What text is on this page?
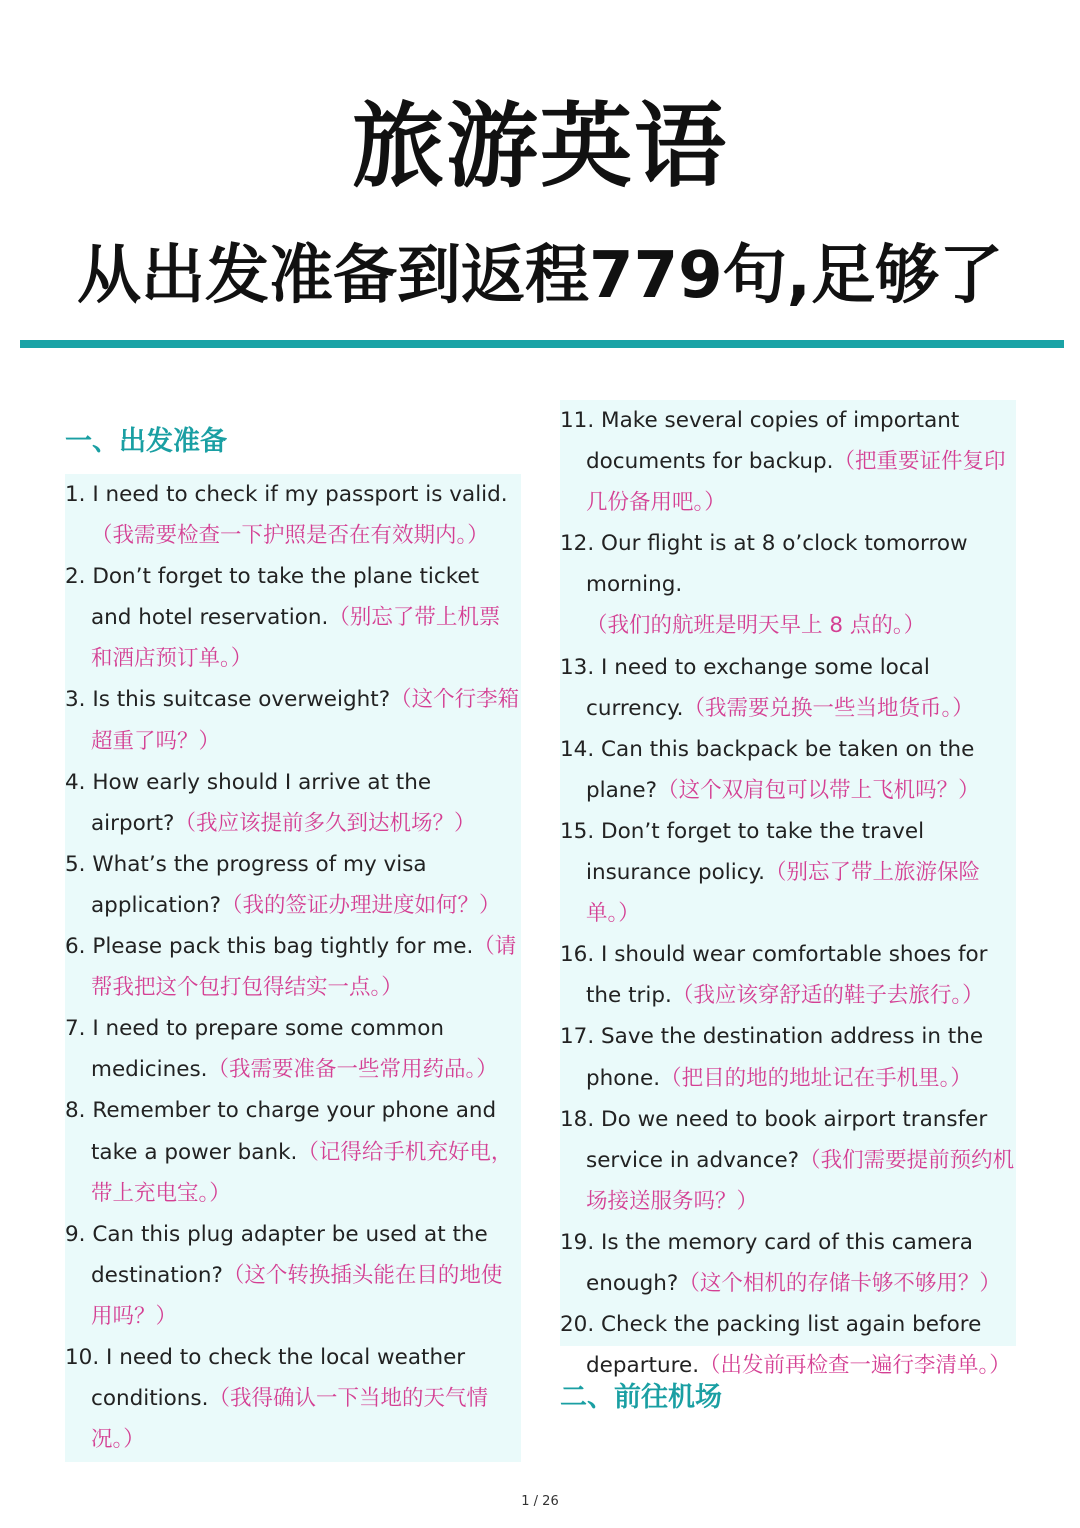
旅游英语
从出发准备到返程779句,足够了
一、出发准备

1. I need to check if my passport is valid.（我需要检查一下护照是否在有效期内。）

2. Don’t forget to take the plane ticket and hotel reservation.（别忘了带上机票和酒店预订单。）

3. Is this suitcase overweight?（这个行李箱超重了吗？）

4. How early should I arrive at the airport?（我应该提前多久到达机场？）

5. What’s the progress of my visa application?（我的签证办理进度如何？）

6. Please pack this bag tightly for me.（请帮我把这个包打包得结实一点。）

7. I need to prepare some common medicines.（我需要准备一些常用药品。）

8. Remember to charge your phone and take a power bank.（记得给手机充好电，带上充电宝。）

9. Can this plug adapter be used at the destination?（这个转换插头能在目的地使用吗？）

10. I need to check the local weather conditions.（我得确认一下当地的天气情况。）

11. Make several copies of important documents for backup.（把重要证件复印几份备用吧。）

12. Our flight is at 8 o’clock tomorrow morning.（我们的航班是明天早上 8 点的。）

13. I need to exchange some local currency.（我需要兑换一些当地货币。）

14. Can this backpack be taken on the plane?（这个双肩包可以带上飞机吗？）

15. Don’t forget to take the travel insurance policy.（别忘了带上旅游保险单。）

16. I should wear comfortable shoes for the trip.（我应该穿舒适的鞋子去旅行。）

17. Save the destination address in the phone.（把目的地的地址记在手机里。）

18. Do we need to book airport transfer service in advance?（我们需要提前预约机场接送服务吗？）

19. Is the memory card of this camera enough?（这个相机的存储卡够不够用？）

20. Check the packing list again before departure.（出发前再检查一遍行李清单。）

二、前往机场
1 / 26
